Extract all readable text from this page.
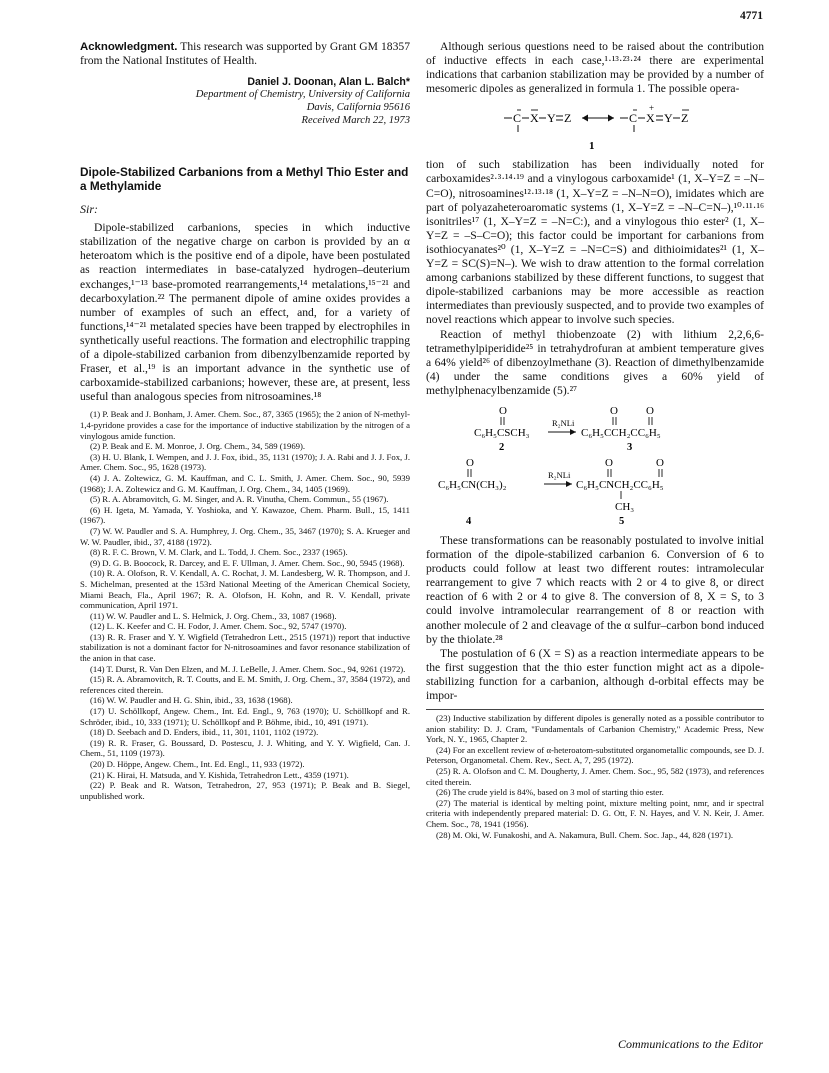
4771

Acknowledgment. This research was supported by Grant GM 18357 from the National Institutes of Health.

Daniel J. Doonan, Alan L. Balch*

Department of Chemistry, University of California

Davis, California 95616

Received March 22, 1973

Dipole-Stabilized Carbanions from a Methyl Thio Ester and a Methylamide

Sir:

Dipole-stabilized carbanions, species in which inductive stabilization of the negative charge on carbon is provided by an α heteroatom which is the positive end of a dipole, have been postulated as reaction intermediates in base-catalyzed hydrogen–deuterium exchanges,¹⁻¹³ base-promoted rearrangements,¹⁴ metalations,¹⁵⁻²¹ and decarboxylation.²² The permanent dipole of amine oxides provides a number of examples of such an effect, and, for a variety of functions,¹⁴⁻²¹ metalated species have been trapped by electrophiles in synthetically useful reactions. The formation and electrophilic trapping of a dipole-stabilized carbanion from dibenzylbenzamide reported by Fraser, et al.,¹⁹ is an important advance in the synthetic use of carboxamide-stabilized carbanions; however, these are, at present, less useful than analogous species from nitrosoamines.¹⁸

(1) P. Beak and J. Bonham, J. Amer. Chem. Soc., 87, 3365 (1965); the 2 anion of N-methyl-1,4-pyridone provides a case for the importance of inductive stabilization by the nitrogen of a vinylogous amide function.

(2) P. Beak and E. M. Monroe, J. Org. Chem., 34, 589 (1969).

(3) H. U. Blank, I. Wempen, and J. J. Fox, ibid., 35, 1131 (1970); J. A. Rabi and J. J. Fox, J. Amer. Chem. Soc., 95, 1628 (1973).

(4) J. A. Zoltewicz, G. M. Kauffman, and C. L. Smith, J. Amer. Chem. Soc., 90, 5939 (1968); J. A. Zoltewicz and G. M. Kauffman, J. Org. Chem., 34, 1405 (1969).

(5) R. A. Abramovitch, G. M. Singer, and A. R. Vinutha, Chem. Commun., 55 (1967).

(6) H. Igeta, M. Yamada, Y. Yoshioka, and Y. Kawazoe, Chem. Pharm. Bull., 15, 1411 (1967).

(7) W. W. Paudler and S. A. Humphrey, J. Org. Chem., 35, 3467 (1970); S. A. Krueger and W. W. Paudler, ibid., 37, 4188 (1972).

(8) R. F. C. Brown, V. M. Clark, and L. Todd, J. Chem. Soc., 2337 (1965).

(9) D. G. B. Boocock, R. Darcey, and E. F. Ullman, J. Amer. Chem. Soc., 90, 5945 (1968).

(10) R. A. Olofson, R. V. Kendall, A. C. Rochat, J. M. Landesberg, W. R. Thompson, and J. S. Michelman, presented at the 153rd National Meeting of the American Chemical Society, Miami Beach, Fla., April 1967; R. A. Olofson, H. Kohn, and R. V. Kendall, private communication, April 1971.

(11) W. W. Paudler and L. S. Helmick, J. Org. Chem., 33, 1087 (1968).

(12) L. K. Keefer and C. H. Fodor, J. Amer. Chem. Soc., 92, 5747 (1970).

(13) R. R. Fraser and Y. Y. Wigfield (Tetrahedron Lett., 2515 (1971)) report that inductive stabilization is not a dominant factor for N-nitrosoamines and favor resonance stabilization of the anion in that case.

(14) T. Durst, R. Van Den Elzen, and M. J. LeBelle, J. Amer. Chem. Soc., 94, 9261 (1972).

(15) R. A. Abramovitch, R. T. Coutts, and E. M. Smith, J. Org. Chem., 37, 3584 (1972), and references cited therein.

(16) W. W. Paudler and H. G. Shin, ibid., 33, 1638 (1968).

(17) U. Schöllkopf, Angew. Chem., Int. Ed. Engl., 9, 763 (1970); U. Schöllkopf and R. Schröder, ibid., 10, 333 (1971); U. Schöllkopf and P. Böhme, ibid., 10, 491 (1971).

(18) D. Seebach and D. Enders, ibid., 11, 301, 1101, 1102 (1972).

(19) R. R. Fraser, G. Boussard, D. Postescu, J. J. Whiting, and Y. Y. Wigfield, Can. J. Chem., 51, 1109 (1973).

(20) D. Höppe, Angew. Chem., Int. Ed. Engl., 11, 933 (1972).

(21) K. Hirai, H. Matsuda, and Y. Kishida, Tetrahedron Lett., 4359 (1971).

(22) P. Beak and R. Watson, Tetrahedron, 27, 953 (1971); P. Beak and B. Siegel, unpublished work.

Although serious questions need to be raised about the contribution of inductive effects in each case,¹·¹³·²³·²⁴ there are experimental indications that carbanion stabilization may be provided by a number of mesomeric dipoles as generalized in formula 1. The possible opera-

C X Y Z	C X
+
Y Z
1

tion of such stabilization has been individually noted for carboxamides²·³·¹⁴·¹⁹ and a vinylogous carboxamide¹ (1, X–Y=Z = –N–C=O), nitrosoamines¹²·¹³·¹⁸ (1, X–Y=Z = –N–N=O), imidates which are part of polyazaheteroaromatic systems (1, X–Y=Z = –N–C=N–),¹⁰·¹¹·¹⁶ isonitriles¹⁷ (1, X–Y=Z = –N=C:), and a vinylogous thio ester² (1, X–Y=Z = –S–C=O); this factor could be important for carbanions from isothiocyanates²⁰ (1, X–Y=Z = –N=C=S) and dithioimidates²¹ (1, X–Y=Z = SC(S)=N–). We wish to draw attention to the formal correlation among carbanions stabilized by these different functions, to suggest that dipole-stabilized carbanions may be more accessible as reaction intermediates than previously suspected, and to provide two examples of novel reactions which appear to involve such species.

Reaction of methyl thiobenzoate (2) with lithium 2,2,6,6-tetramethylpiperidide²⁵ in tetrahydrofuran at ambient temperature gives a 64% yield²⁶ of dibenzoylmethane (3). Reaction of dimethylbenzamide (4) under the same conditions gives a 60% yield of methylphenacylbenzamide (5).²⁷

O
C₆H₅CSCH₃
R₂NLi
O	O
C₆H₅CCH₂CC₆H₅
2	3
O
C₆H₅CN(CH₃)₂
R₂NLi
O	O
C₆H₅CNCH₂CC₆H₅
CH₃
4	5

These transformations can be reasonably postulated to involve initial formation of the dipole-stabilized carbanion 6. Conversion of 6 to products could follow at least two different routes: intramolecular rearrangement to give 7 which reacts with 2 or 4 to give 8, or direct reaction of 6 with 2 or 4 to give 8. The conversion of 8, X = S, to 3 could involve intramolecular rearrangement of 8 or reaction with another molecule of 2 and cleavage of the α sulfur–carbon bond induced by the thiolate.²⁸

The postulation of 6 (X = S) as a reaction intermediate appears to be the first suggestion that the thio ester function might act as a dipole-stabilizing function for a carbanion, although d-orbital effects may be impor-

(23) Inductive stabilization by different dipoles is generally noted as a possible contributor to anion stability: D. J. Cram, "Fundamentals of Carbanion Chemistry," Academic Press, New York, N. Y., 1965, Chapter 2.

(24) For an excellent review of α-heteroatom-substituted organometallic compounds, see D. J. Peterson, Organometal. Chem. Rev., Sect. A, 7, 295 (1972).

(25) R. A. Olofson and C. M. Dougherty, J. Amer. Chem. Soc., 95, 582 (1973), and references cited therein.

(26) The crude yield is 84%, based on 3 mol of starting thio ester.

(27) The material is identical by melting point, mixture melting point, nmr, and ir spectral criteria with independently prepared material: D. G. Ott, F. N. Hayes, and V. N. Keir, J. Amer. Chem. Soc., 78, 1941 (1956).

(28) M. Oki, W. Funakoshi, and A. Nakamura, Bull. Chem. Soc. Jap., 44, 828 (1971).

Communications to the Editor
